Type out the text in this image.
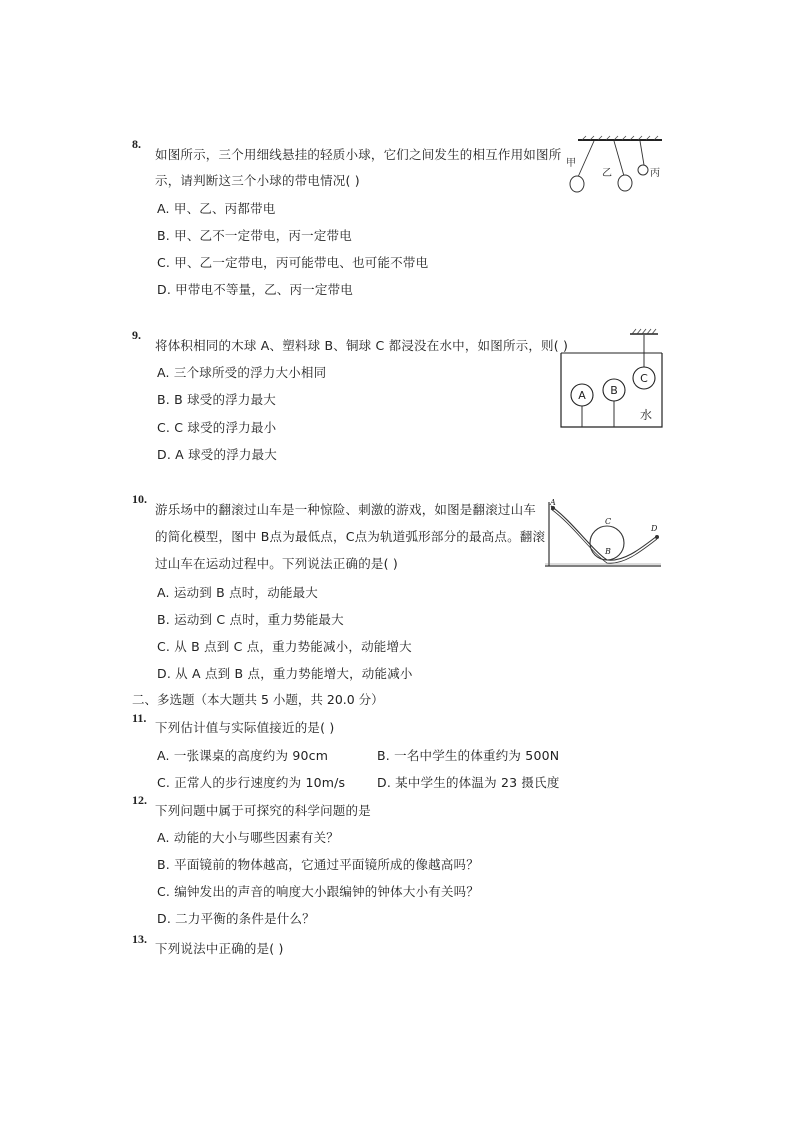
8.
如图所示，三个用细线悬挂的轻质小球，它们之间发生的相互作用如图所
示，请判断这三个小球的带电情况( )
A. 甲、乙、丙都带电
B. 甲、乙不一定带电，丙一定带电
C. 甲、乙一定带电，丙可能带电、也可能不带电
D. 甲带电不等量，乙、丙一定带电
甲
乙	丙
9.
将体积相同的木球 A、塑料球 B、铜球 C 都浸没在水中，如图所示，则( )
A. 三个球所受的浮力大小相同
B. B 球受的浮力最大
C. C 球受的浮力最小
D. A 球受的浮力最大
A B
C
水
10.
游乐场中的翻滚过山车是一种惊险、刺激的游戏，如图是翻滚过山车
的简化模型，图中 B点为最低点，C点为轨道弧形部分的最高点。翻滚
过山车在运动过程中。下列说法正确的是( )
A. 运动到 B 点时，动能最大
B. 运动到 C 点时，重力势能最大
C. 从 B 点到 C 点，重力势能减小，动能增大
D. 从 A 点到 B 点，重力势能增大，动能减小
A
B
C
D
二、多选题（本大题共 5 小题，共 20.0 分）
11.
下列估计值与实际值接近的是( )
A. 一张课桌的高度约为 90cm	B. 一名中学生的体重约为 500N
C. 正常人的步行速度约为 10m/s	D. 某中学生的体温为 23 摄氏度
12.
下列问题中属于可探究的科学问题的是
A. 动能的大小与哪些因素有关？
B. 平面镜前的物体越高，它通过平面镜所成的像越高吗？
C. 编钟发出的声音的响度大小跟编钟的钟体大小有关吗？
D. 二力平衡的条件是什么？
13.
下列说法中正确的是( )
